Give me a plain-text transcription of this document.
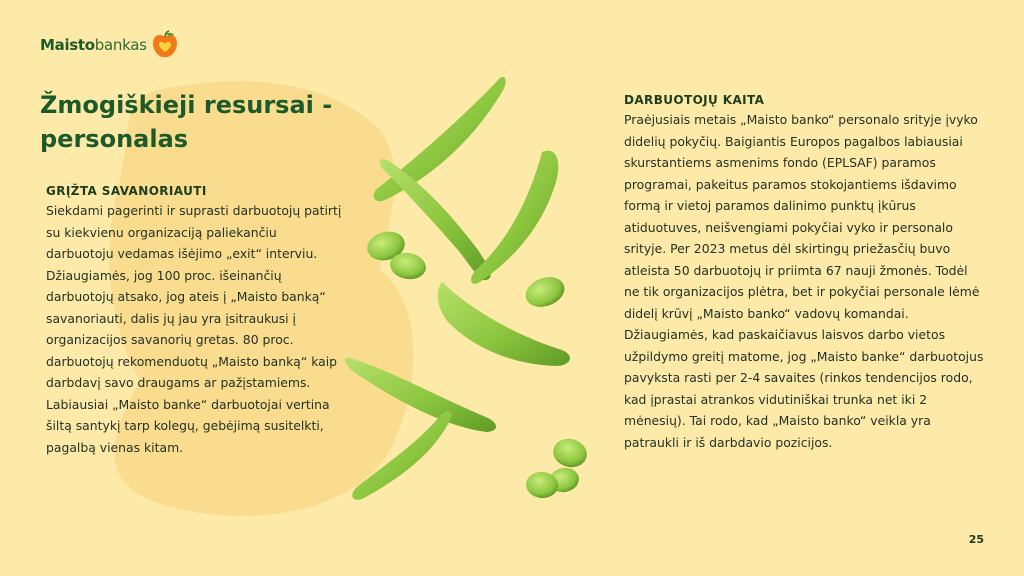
Maistobankas
Žmogiškieji resursai - personalas
GRĮŽTA SAVANORIAUTI

Siekdami pagerinti ir suprasti darbuotojų patirtį su kiekvienu organizaciją paliekančiu darbuotoju vedamas išėjimo „exit“ interviu. Džiaugiamės, jog 100 proc. išeinančių darbuotojų atsako, jog ateis į „Maisto banką“ savanoriauti, dalis jų jau yra įsitraukusi į organizacijos savanorių gretas. 80 proc. darbuotojų rekomenduotų „Maisto banką“ kaip darbdavį savo draugams ar pažįstamiems. Labiausiai „Maisto banke“ darbuotojai vertina šiltą santykį tarp kolegų, gebėjimą susitelkti, pagalbą vienas kitam.

DARBUOTOJŲ KAITA

Praėjusiais metais „Maisto banko“ personalo srityje įvyko didelių pokyčių. Baigiantis Europos pagalbos labiausiai skurstantiems asmenims fondo (EPLSAF) paramos programai, pakeitus paramos stokojantiems išdavimo formą ir vietoj paramos dalinimo punktų įkūrus atiduotuves, neišvengiami pokyčiai vyko ir personalo srityje. Per 2023 metus dėl skirtingų priežasčių buvo atleista 50 darbuotojų ir priimta 67 nauji žmonės. Todėl ne tik organizacijos plėtra, bet ir pokyčiai personale lėmė didelį krūvį „Maisto banko“ vadovų komandai. Džiaugiamės, kad paskaičiavus laisvos darbo vietos užpildymo greitį matome, jog „Maisto banke“ darbuotojus pavyksta rasti per 2-4 savaites (rinkos tendencijos rodo, kad įprastai atrankos vidutiniškai trunka net iki 2 mėnesių). Tai rodo, kad „Maisto banko“ veikla yra patraukli ir iš darbdavio pozicijos.

25
